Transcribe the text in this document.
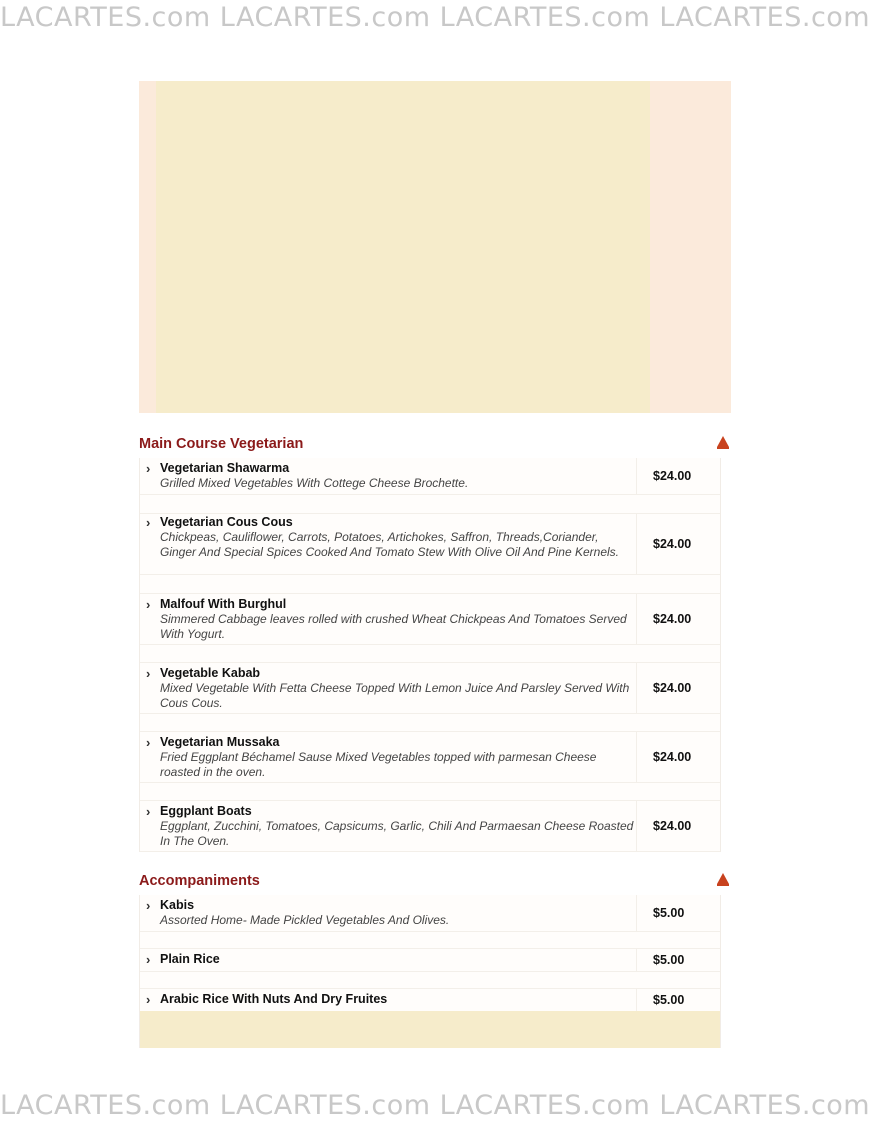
LACARTES.com LACARTES.com LACARTES.com LACARTES.com
Main Course Vegetarian
› Vegetarian Shawarma
Grilled Mixed Vegetables With Cottege Cheese Brochette.	$24.00
› Vegetarian Cous Cous
Chickpeas, Cauliflower, Carrots, Potatoes, Artichokes, Saffron, Threads,Coriander, Ginger And Special Spices Cooked And Tomato Stew With Olive Oil And Pine Kernels.
$24.00
› Malfouf With Burghul
Simmered Cabbage leaves rolled with crushed Wheat Chickpeas And Tomatoes Served With Yogurt.
$24.00
› Vegetable Kabab
Mixed Vegetable With Fetta Cheese Topped With Lemon Juice And Parsley Served With Cous Cous.
$24.00
› Vegetarian Mussaka
Fried Eggplant Béchamel Sause Mixed Vegetables topped with parmesan Cheese roasted in the oven.
$24.00
› Eggplant Boats
Eggplant, Zucchini, Tomatoes, Capsicums, Garlic, Chili And Parmaesan Cheese Roasted In The Oven.
$24.00
Accompaniments
› Kabis
Assorted Home- Made Pickled Vegetables And Olives.	$5.00
› Plain Rice	$5.00
› Arabic Rice With Nuts And Dry Fruites	$5.00
LACARTES.com LACARTES.com LACARTES.com LACARTES.com
